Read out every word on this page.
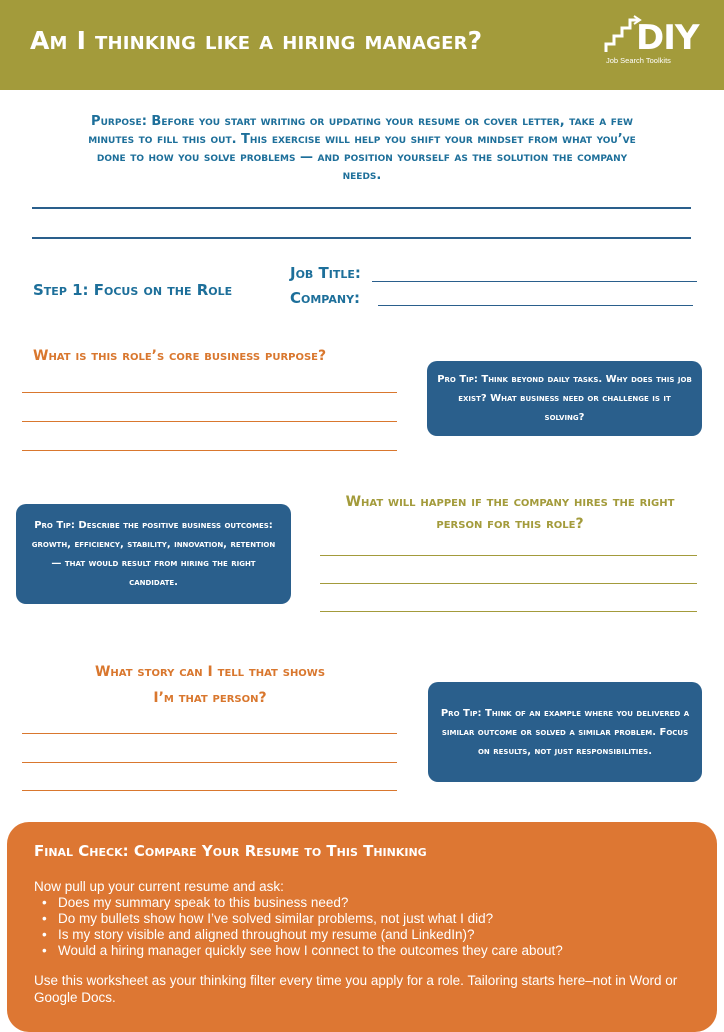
Am I thinking like a hiring manager?	DIY
Job Search Toolkits
Purpose: Before you start writing or updating your resume or cover letter, take a few minutes to fill this out. This exercise will help you shift your mindset from what you’ve done to how you solve problems — and position yourself as the solution the company needs.
Step 1: Focus on the Role
Job Title:
Company:
What is this role’s core business purpose?
Pro Tip: Think beyond daily tasks. Why does this job exist? What business need or challenge is it solving?
What will happen if the company hires the right
person for this role?
Pro Tip: Describe the positive business outcomes: growth, efficiency, stability, innovation, retention — that would result from hiring the right candidate.
What story can I tell that shows
I’m that person?
Pro Tip: Think of an example where you delivered a similar outcome or solved a similar problem. Focus on results, not just responsibilities.
Final Check: Compare Your Resume to This Thinking
Now pull up your current resume and ask:
• Does my summary speak to this business need?
• Do my bullets show how I’ve solved similar problems, not just what I did?
• Is my story visible and aligned throughout my resume (and LinkedIn)?
• Would a hiring manager quickly see how I connect to the outcomes they care about?
Use this worksheet as your thinking filter every time you apply for a role. Tailoring starts here–not in Word or Google Docs.
